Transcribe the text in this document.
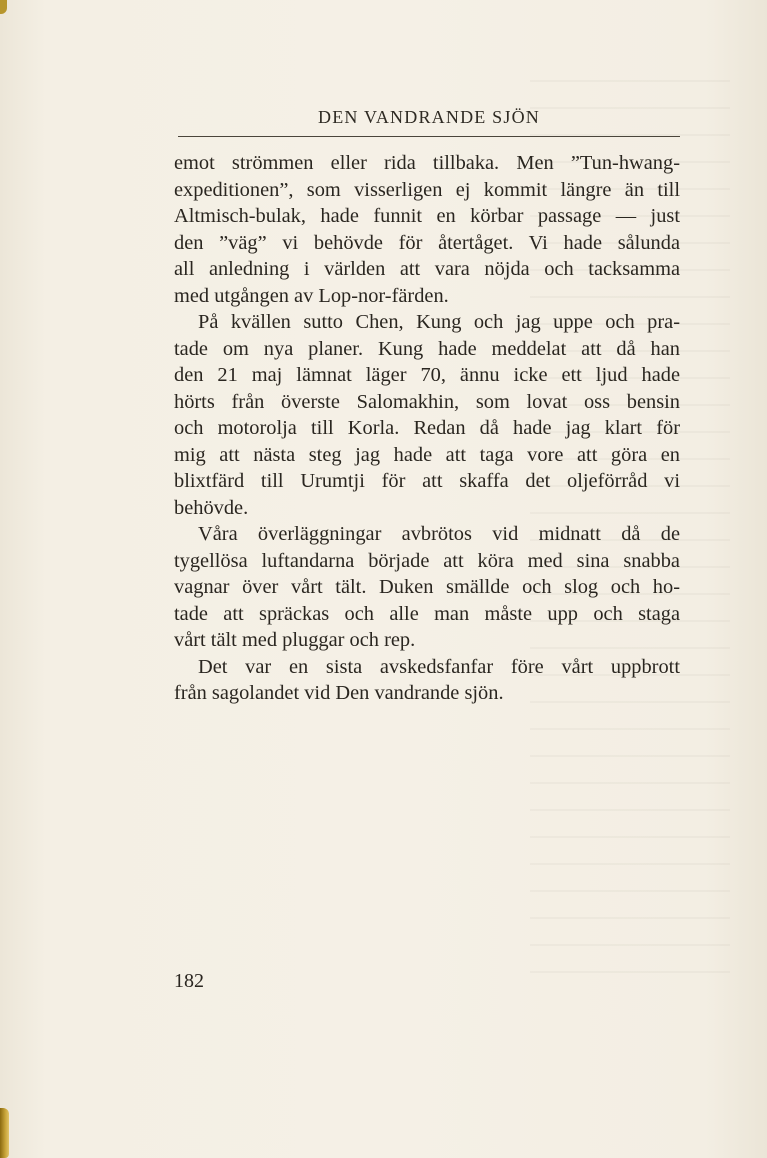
DEN VANDRANDE SJÖN
emot strömmen eller rida tillbaka. Men ”Tun-hwang-
expeditionen”, som visserligen ej kommit längre än till
Altmisch-bulak, hade funnit en körbar passage — just
den ”väg” vi behövde för återtåget. Vi hade sålunda
all anledning i världen att vara nöjda och tacksamma
med utgången av Lop-nor-färden.
På kvällen sutto Chen, Kung och jag uppe och pra-
tade om nya planer. Kung hade meddelat att då han
den 21 maj lämnat läger 70, ännu icke ett ljud hade
hörts från överste Salomakhin, som lovat oss bensin
och motorolja till Korla. Redan då hade jag klart för
mig att nästa steg jag hade att taga vore att göra en
blixtfärd till Urumtji för att skaffa det oljeförråd vi
behövde.
Våra överläggningar avbrötos vid midnatt då de
tygellösa luftandarna började att köra med sina snabba
vagnar över vårt tält. Duken smällde och slog och ho-
tade att spräckas och alle man måste upp och staga
vårt tält med pluggar och rep.
Det var en sista avskedsfanfar före vårt uppbrott
från sagolandet vid Den vandrande sjön.
182
